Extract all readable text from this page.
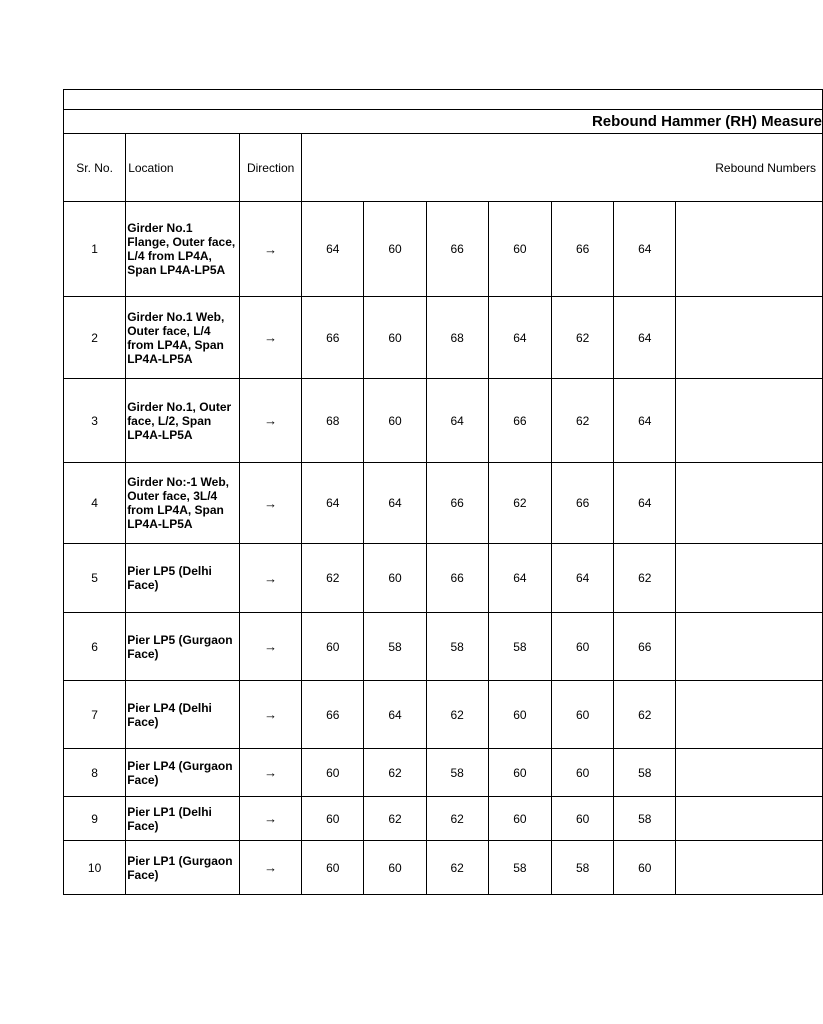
Rebound Hammer (RH) Measure									
Sr. No.	Location	Direction	Rebound Numbers						
1	Girder No.1
Flange, Outer face,
L/4 from LP4A,
Span LP4A-LP5A	→	64	60	66	60	66	64	
2	Girder No.1 Web,
Outer face, L/4
from LP4A, Span
LP4A-LP5A	→	66	60	68	64	62	64	
3	Girder No.1, Outer
face, L/2, Span
LP4A-LP5A	→	68	60	64	66	62	64	
4	Girder No:-1 Web,
Outer face, 3L/4
from LP4A, Span
LP4A-LP5A	→	64	64	66	62	66	64	
5	Pier LP5 (Delhi
Face)	→	62	60	66	64	64	62	
6	Pier LP5 (Gurgaon
Face)	→	60	58	58	58	60	66	
7	Pier LP4 (Delhi
Face)	→	66	64	62	60	60	62	
8	Pier LP4 (Gurgaon
Face)	→	60	62	58	60	60	58	
9	Pier LP1 (Delhi
Face)	→	60	62	62	60	60	58	
10	Pier LP1 (Gurgaon
Face)	→	60	60	62	58	58	60	
